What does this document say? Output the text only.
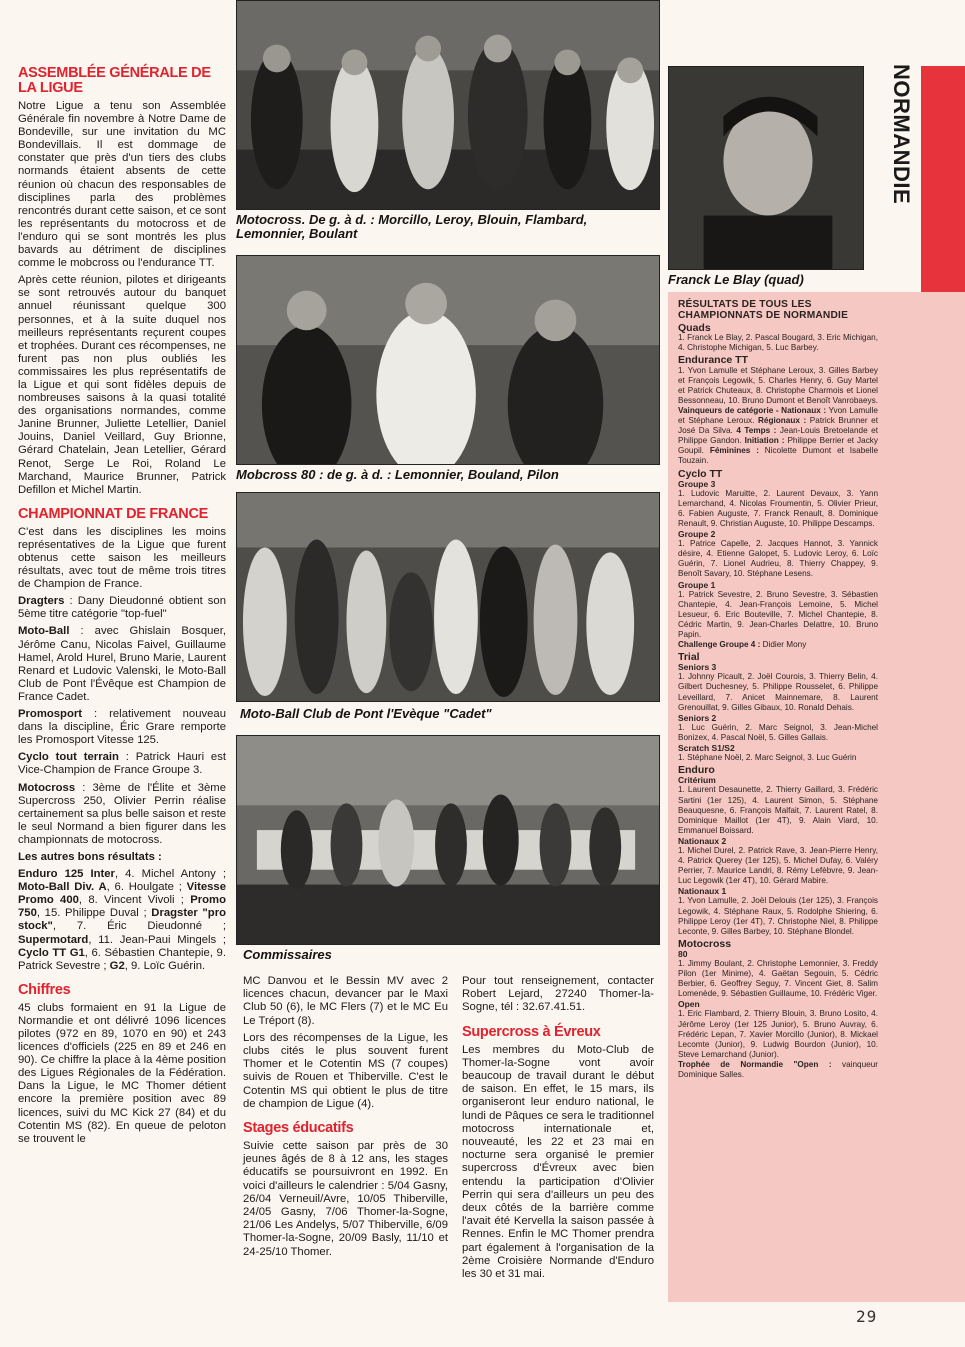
ASSEMBLÉE GÉNÉRALE DE LA LIGUE
Notre Ligue a tenu son Assemblée Générale fin novembre à Notre Dame de Bondeville, sur une invitation du MC Bondevillais. Il est dommage de constater que près d'un tiers des clubs normands étaient absents de cette réunion où chacun des responsables de disciplines parla des problèmes rencontrés durant cette saison, et ce sont les représentants du motocross et de l'enduro qui se sont montrés les plus bavards au détriment de disciplines comme le mobcross ou l'endurance TT.
Après cette réunion, pilotes et dirigeants se sont retrouvés autour du banquet annuel réunissant quelque 300 personnes, et à la suite duquel nos meilleurs représentants reçurent coupes et trophées. Durant ces récompenses, ne furent pas non plus oubliés les commissaires les plus représentatifs de la Ligue et qui sont fidèles depuis de nombreuses saisons à la quasi totalité des organisations normandes, comme Janine Brunner, Juliette Letellier, Daniel Jouins, Daniel Veillard, Guy Brionne, Gérard Chatelain, Jean Letellier, Gérard Renot, Serge Le Roi, Roland Le Marchand, Maurice Brunner, Patrick Defillon et Michel Martin.
CHAMPIONNAT DE FRANCE
C'est dans les disciplines les moins représentatives de la Ligue que furent obtenus cette saison les meilleurs résultats, avec tout de même trois titres de Champion de France.
Dragters : Dany Dieudonné obtient son 5ème titre catégorie "top-fuel"
Moto-Ball : avec Ghislain Bosquer, Jérôme Canu, Nicolas Faivel, Guillaume Hamel, Arold Hurel, Bruno Marie, Laurent Renard et Ludovic Valenski, le Moto-Ball Club de Pont l'Évêque est Champion de France Cadet.
Promosport : relativement nouveau dans la discipline, Éric Grare remporte les Promosport Vitesse 125.
Cyclo tout terrain : Patrick Hauri est Vice-Champion de France Groupe 3.
Motocross : 3ème de l'Élite et 3ème Supercross 250, Olivier Perrin réalise certainement sa plus belle saison et reste le seul Normand a bien figurer dans les championnats de motocross.
Les autres bons résultats :
Enduro 125 Inter, 4. Michel Antony ; Moto-Ball Div. A, 6. Houlgate ; Vitesse Promo 400, 8. Vincent Vivoli ; Promo 750, 15. Philippe Duval ; Dragster "pro stock", 7. Éric Dieudonné ; Supermotard, 11. Jean-Paui Mingels ; Cyclo TT G1, 6. Sébastien Chantepie, 9. Patrick Sevestre ; G2, 9. Loïc Guérin.
Chiffres
45 clubs formaient en 91 la Ligue de Normandie et ont délivré 1096 licences pilotes (972 en 89, 1070 en 90) et 243 licences d'officiels (225 en 89 et 246 en 90). Ce chiffre la place à la 4ème position des Ligues Régionales de la Fédération. Dans la Ligue, le MC Thomer détient encore la première position avec 89 licences, suivi du MC Kick 27 (84) et du Cotentin MS (82). En queue de peloton se trouvent le
Motocross. De g. à d. : Morcillo, Leroy, Blouin, Flambard, Lemonnier, Boulant
Mobcross 80 : de g. à d. : Lemonnier, Bouland, Pilon
Moto-Ball Club de Pont l'Evèque "Cadet"
Commissaires
Franck Le Blay (quad)
NORMANDIE
RÉSULTATS DE TOUS LES CHAMPIONNATS DE NORMANDIE
Quads
1. Franck Le Blay, 2. Pascal Bougard, 3. Eric Michigan, 4. Christophe Michigan, 5. Luc Barbey.
Endurance TT
1. Yvon Lamulle et Stéphane Leroux, 3. Gilles Barbey et François Legowik, 5. Charles Henry, 6. Guy Martel et Patrick Chuteaux, 8. Christophe Charmois et Lionel Bessonneau, 10. Bruno Dumont et Benoît Vanrobaeys. Vainqueurs de catégorie - Nationaux : Yvon Lamulle et Stéphane Leroux. Régionaux : Patrick Brunner et José Da Silva. 4 Temps : Jean-Louis Bretoelande et Philippe Gandon. Initiation : Philippe Berrier et Jacky Goupil. Féminines : Nicolette Dumont et Isabelle Touzain.
Cyclo TT
Groupe 3
1. Ludovic Maruitte, 2. Laurent Devaux, 3. Yann Lemarchand, 4. Nicolas Froumentin, 5. Olivier Prieur, 6. Fabien Auguste, 7. Franck Renault, 8. Dominique Renault, 9. Christian Auguste, 10. Philippe Descamps.
Groupe 2
1. Patrice Capelle, 2. Jacques Hannot, 3. Yannick désire, 4. Etienne Galopet, 5. Ludovic Leroy, 6. Loïc Guérin, 7. Lionel Audrieu, 8. Thierry Chappey, 9. Benoît Savary, 10. Stéphane Lesens.
Groupe 1
1. Patrick Sevestre, 2. Bruno Sevestre, 3. Sébastien Chantepie, 4. Jean-François Lemoine, 5. Michel Lesueur, 6. Eric Bouteville, 7. Michel Chantepie, 8. Cédric Martin, 9. Jean-Charles Delattre, 10. Bruno Papin.
Challenge Groupe 4 : Didier Mony
Trial
Seniors 3
1. Johnny Picault, 2. Joël Courois, 3. Thierry Belin, 4. Gilbert Duchesney, 5. Philippe Rousselet, 6. Philippe Leveillard, 7. Anicet Mainnemare, 8. Laurent Grenouillat, 9. Gilles Gibaux, 10. Ronald Dehais.
Seniors 2
1. Luc Guérin, 2. Marc Seignol, 3. Jean-Michel Bonizex, 4. Pascal Noël, 5. Gilles Gallais.
Scratch S1/S2
1. Stéphane Noël, 2. Marc Seignol, 3. Luc Guérin
Enduro
Critérium
1. Laurent Desaunette, 2. Thierry Gaillard, 3. Frédéric Sartini (1er 125), 4. Laurent Simon, 5. Stéphane Beauquesne, 6. François Malfait, 7. Laurent Ratel, 8. Dominique Maillot (1er 4T), 9. Alain Viard, 10. Emmanuel Boissard.
Nationaux 2
1. Michel Durel, 2. Patrick Rave, 3. Jean-Pierre Henry, 4. Patrick Querey (1er 125), 5. Michel Dufay, 6. Valéry Perrier, 7. Maurice Landri, 8. Rémy Lefèbvre, 9. Jean-Luc Legowik (1er 4T), 10. Gérard Mabire.
Nationaux 1
1. Yvon Lamulle, 2. Joël Delouis (1er 125), 3. François Legowik, 4. Stéphane Raux, 5. Rodolphe Shiering, 6. Philippe Leroy (1er 4T), 7. Christophe Niel, 8. Philippe Leconte, 9. Gilles Barbey, 10. Stéphane Blondel.
Motocross
80
1. Jimmy Boulant, 2. Christophe Lemonnier, 3. Freddy Pilon (1er Minime), 4. Gaëtan Segouin, 5. Cédric Berbier, 6. Geoffrey Seguy, 7. Vincent Giet, 8. Salim Lomenède, 9. Sébastien Guillaume, 10. Frédéric Viger.
Open
1. Eric Flambard, 2. Thierry Blouin, 3. Bruno Losito, 4. Jérôme Leroy (1er 125 Junior), 5. Bruno Auvray, 6. Frédéric Lepan, 7. Xavier Morcillo (Junior), 8. Mickael Lecomte (Junior), 9. Ludwig Bourdon (Junior), 10. Steve Lemarchand (Junior).
Trophée de Normandie "Open : vainqueur Dominique Salles.
MC Danvou et le Bessin MV avec 2 licences chacun, devancer par le Maxi Club 50 (6), le MC Flers (7) et le MC Eu Le Tréport (8).
Lors des récompenses de la Ligue, les clubs cités le plus souvent furent Thomer et le Cotentin MS (7 coupes) suivis de Rouen et Thiberville. C'est le Cotentin MS qui obtient le plus de titre de champion de Ligue (4).
Stages éducatifs
Suivie cette saison par près de 30 jeunes âgés de 8 à 12 ans, les stages éducatifs se poursuivront en 1992. En voici d'ailleurs le calendrier : 5/04 Gasny, 26/04 Verneuil/Avre, 10/05 Thiberville, 24/05 Gasny, 7/06 Thomer-la-Sogne, 21/06 Les Andelys, 5/07 Thiberville, 6/09 Thomer-la-Sogne, 20/09 Basly, 11/10 et 24-25/10 Thomer.
Pour tout renseignement, contacter Robert Lejard, 27240 Thomer-la-Sogne, tél : 32.67.41.51.
Supercross à Évreux
Les membres du Moto-Club de Thomer-la-Sogne vont avoir beaucoup de travail durant le début de saison. En effet, le 15 mars, ils organiseront leur enduro national, le lundi de Pâques ce sera le traditionnel motocross internationale et, nouveauté, les 22 et 23 mai en nocturne sera organisé le premier supercross d'Évreux avec bien entendu la participation d'Olivier Perrin qui sera d'ailleurs un peu des deux côtés de la barrière comme l'avait été Kervella la saison passée à Rennes. Enfin le MC Thomer prendra part également à l'organisation de la 2ème Croisière Normande d'Enduro les 30 et 31 mai.
29
